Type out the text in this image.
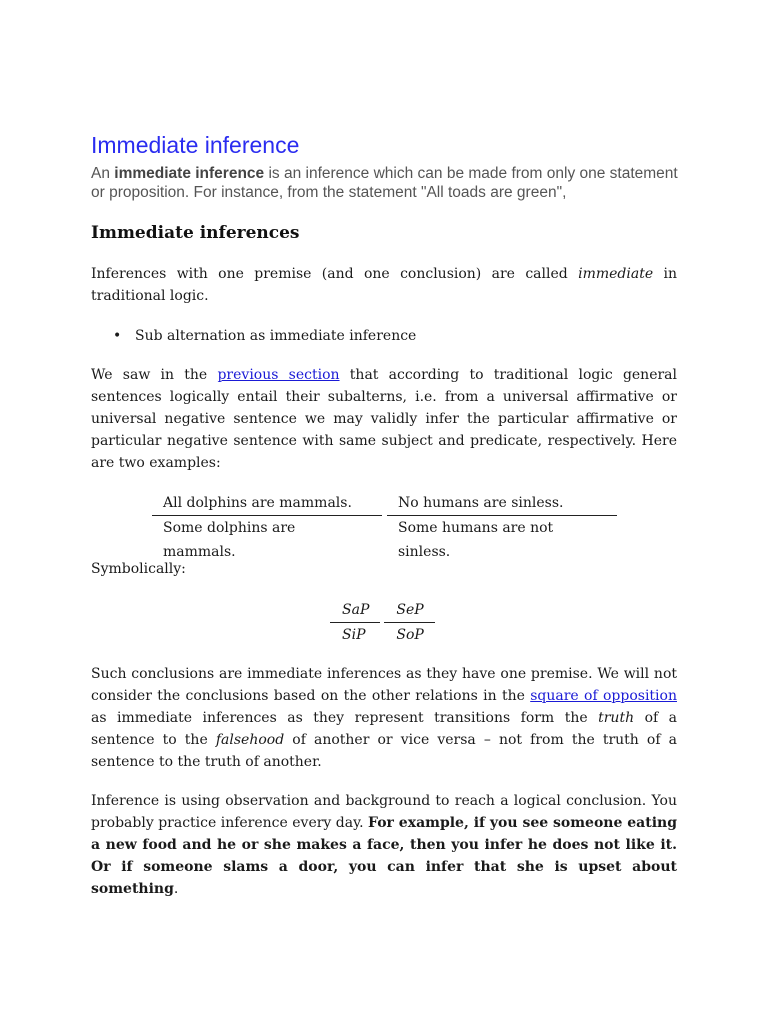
Immediate inference

An immediate inference is an inference which can be made from only one statement or proposition. For instance, from the statement "All toads are green",

Immediate inferences

Inferences with one premise (and one conclusion) are called immediate in traditional logic.

• Sub alternation as immediate inference

We saw in the previous section that according to traditional logic general sentences logically entail their subalterns, i.e. from a universal affirmative or universal negative sentence we may validly infer the particular affirmative or particular negative sentence with same subject and predicate, respectively. Here are two examples:

All dolphins are mammals.		No humans are sinless.
Some dolphins are mammals.		Some humans are not sinless.

Symbolically:

SaP		SeP
SiP		SoP

Such conclusions are immediate inferences as they have one premise. We will not consider the conclusions based on the other relations in the square of opposition as immediate inferences as they represent transitions form the truth of a sentence to the falsehood of another or vice versa – not from the truth of a sentence to the truth of another.

Inference is using observation and background to reach a logical conclusion. You probably practice inference every day. For example, if you see someone eating a new food and he or she makes a face, then you infer he does not like it. Or if someone slams a door, you can infer that she is upset about something.
